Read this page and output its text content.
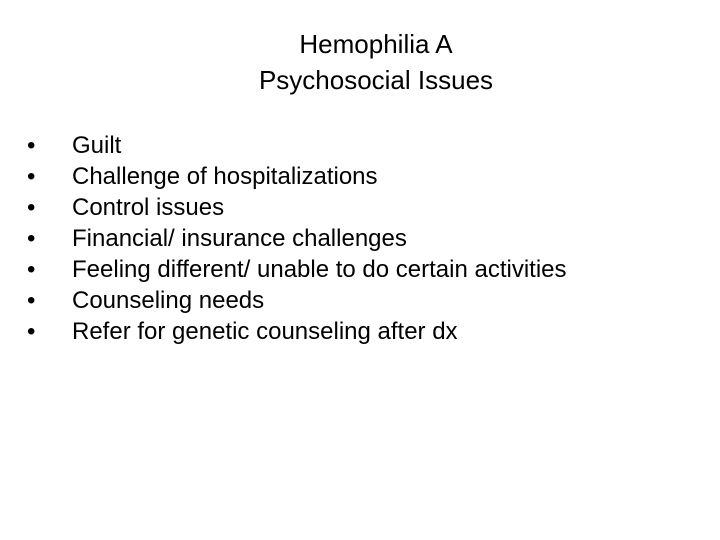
Hemophilia A
Psychosocial Issues
•	Guilt
•	Challenge of hospitalizations
•	Control issues
•	Financial/ insurance challenges
•	Feeling different/ unable to do certain activities
•	Counseling needs
•	Refer for genetic counseling after dx
